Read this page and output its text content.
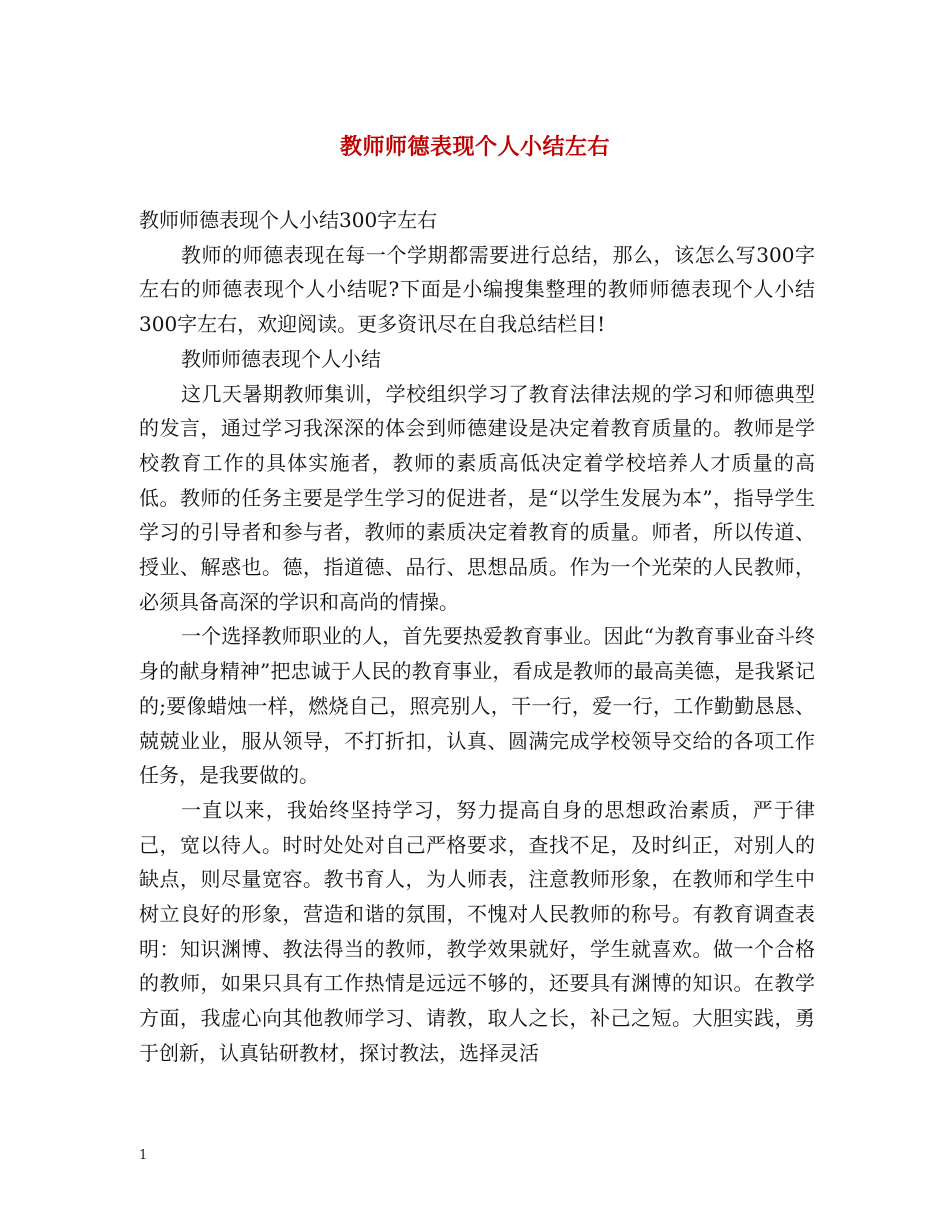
教师师德表现个人小结左右

教师师德表现个人小结300字左右

教师的师德表现在每一个学期都需要进行总结，那么，该怎么写300字左右的师德表现个人小结呢?下面是小编搜集整理的教师师德表现个人小结300字左右，欢迎阅读。更多资讯尽在自我总结栏目!

教师师德表现个人小结

这几天暑期教师集训，学校组织学习了教育法律法规的学习和师德典型的发言，通过学习我深深的体会到师德建设是决定着教育质量的。教师是学校教育工作的具体实施者，教师的素质高低决定着学校培养人才质量的高低。教师的任务主要是学生学习的促进者，是“以学生发展为本”，指导学生学习的引导者和参与者，教师的素质决定着教育的质量。师者，所以传道、授业、解惑也。德，指道德、品行、思想品质。作为一个光荣的人民教师，必须具备高深的学识和高尚的情操。

一个选择教师职业的人，首先要热爱教育事业。因此“为教育事业奋斗终身的献身精神”把忠诚于人民的教育事业，看成是教师的最高美德，是我紧记的;要像蜡烛一样，燃烧自己，照亮别人，干一行，爱一行，工作勤勤恳恳、兢兢业业，服从领导，不打折扣，认真、圆满完成学校领导交给的各项工作任务，是我要做的。

一直以来，我始终坚持学习，努力提高自身的思想政治素质，严于律己，宽以待人。时时处处对自己严格要求，查找不足，及时纠正，对别人的缺点，则尽量宽容。教书育人，为人师表，注意教师形象，在教师和学生中树立良好的形象，营造和谐的氛围，不愧对人民教师的称号。有教育调查表明：知识渊博、教法得当的教师，教学效果就好，学生就喜欢。做一个合格的教师，如果只具有工作热情是远远不够的，还要具有渊博的知识。在教学方面，我虚心向其他教师学习、请教，取人之长，补己之短。大胆实践，勇于创新，认真钻研教材，探讨教法，选择灵活

1
